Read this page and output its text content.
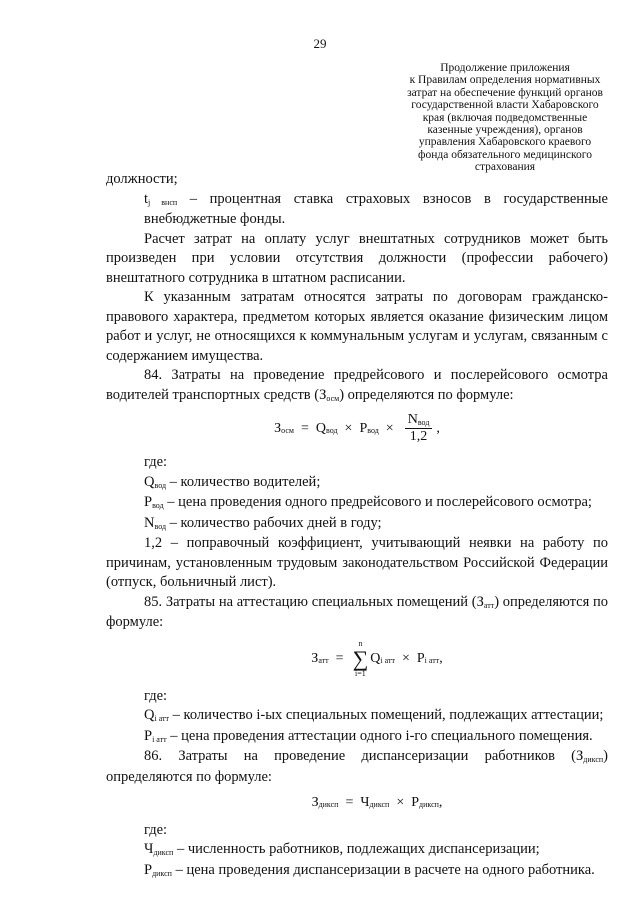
29
Продолжение приложения
к Правилам определения нормативных
затрат на обеспечение функций органов
государственной власти Хабаровского
края (включая подведомственные
казенные учреждения), органов
управления Хабаровского краевого
фонда обязательного медицинского
страхования

должности;

tj внсп – процентная ставка страховых взносов в государственные внебюджетные фонды.

Расчет затрат на оплату услуг внештатных сотрудников может быть произведен при условии отсутствия должности (профессии рабочего) внештатного сотрудника в штатном расписании.

К указанным затратам относятся затраты по договорам гражданско-правового характера, предметом которых является оказание физическим лицом работ и услуг, не относящихся к коммунальным услугам и услугам, связанным с содержанием имущества.

84. Затраты на проведение предрейсового и послерейсового осмотра водителей транспортных средств (Зосм) определяются по формуле:

З осм = Q вод × P вод × $\frac{\text{Nвод}}{1,2}$ ,

где:

Qвод – количество водителей;

Pвод – цена проведения одного предрейсового и послерейсового осмотра;

Nвод – количество рабочих дней в году;

1,2 – поправочный коэффициент, учитывающий неявки на работу по причинам, установленным трудовым законодательством Российской Федерации (отпуск, больничный лист).

85. Затраты на аттестацию специальных помещений (Затт) определяются по формуле:

З атт =
n
∑
i=1
Q i атт × P i атт ,

где:

Qi атт – количество i-ых специальных помещений, подлежащих аттестации;

Pi атт – цена проведения аттестации одного i-го специального помещения.

86. Затраты на проведение диспансеризации работников (Здиксп) определяются по формуле:

З диксп = Ч диксп × P диксп ,

где:

Чдиксп – численность работников, подлежащих диспансеризации;

Pдиксп – цена проведения диспансеризации в расчете на одного работника.
